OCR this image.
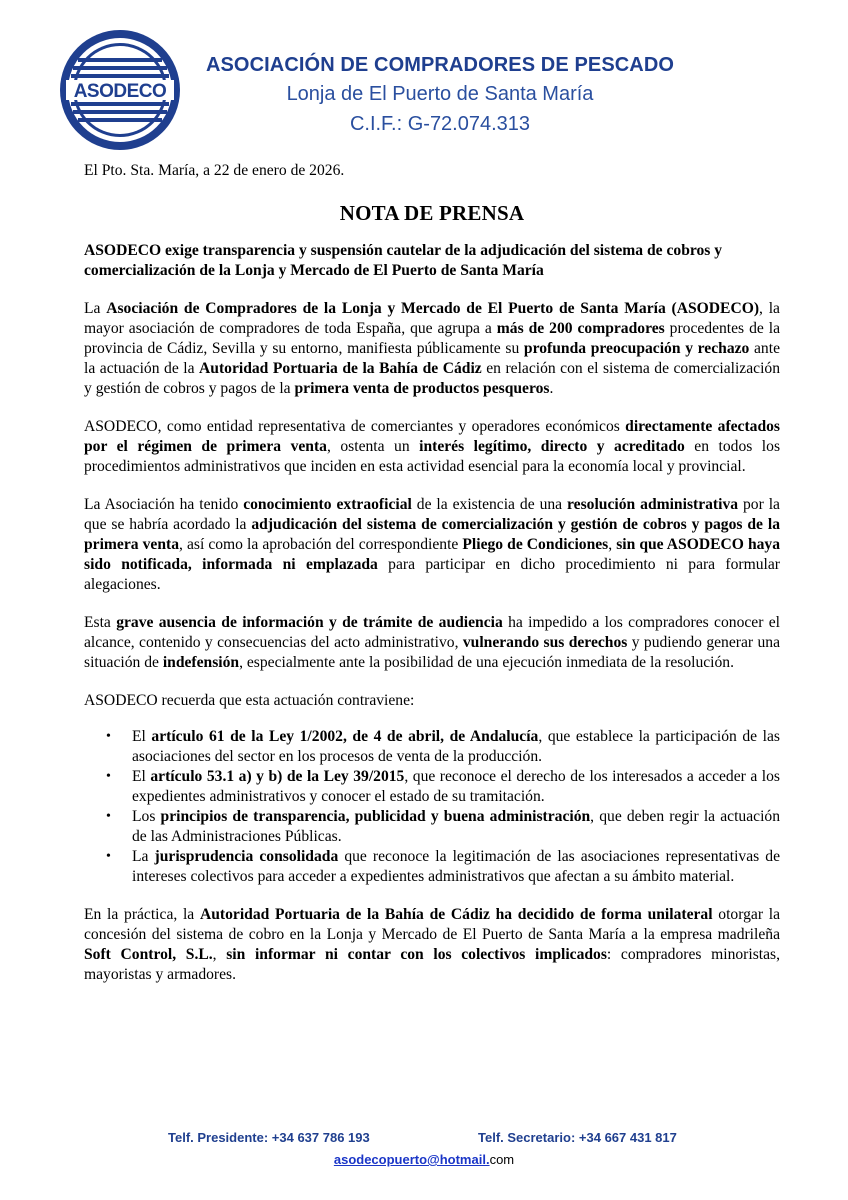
ASODECO
ASOCIACIÓN DE COMPRADORES DE PESCADO
Lonja de El Puerto de Santa María
C.I.F.: G-72.074.313

El Pto. Sta. María, a 22 de enero de 2026.

NOTA DE PRENSA

ASODECO exige transparencia y suspensión cautelar de la adjudicación del sistema de cobros y comercialización de la Lonja y Mercado de El Puerto de Santa María

La Asociación de Compradores de la Lonja y Mercado de El Puerto de Santa María (ASODECO), la mayor asociación de compradores de toda España, que agrupa a más de 200 compradores procedentes de la provincia de Cádiz, Sevilla y su entorno, manifiesta públicamente su profunda preocupación y rechazo ante la actuación de la Autoridad Portuaria de la Bahía de Cádiz en relación con el sistema de comercialización y gestión de cobros y pagos de la primera venta de productos pesqueros.

ASODECO, como entidad representativa de comerciantes y operadores económicos directamente afectados por el régimen de primera venta, ostenta un interés legítimo, directo y acreditado en todos los procedimientos administrativos que inciden en esta actividad esencial para la economía local y provincial.

La Asociación ha tenido conocimiento extraoficial de la existencia de una resolución administrativa por la que se habría acordado la adjudicación del sistema de comercialización y gestión de cobros y pagos de la primera venta, así como la aprobación del correspondiente Pliego de Condiciones, sin que ASODECO haya sido notificada, informada ni emplazada para participar en dicho procedimiento ni para formular alegaciones.

Esta grave ausencia de información y de trámite de audiencia ha impedido a los compradores conocer el alcance, contenido y consecuencias del acto administrativo, vulnerando sus derechos y pudiendo generar una situación de indefensión, especialmente ante la posibilidad de una ejecución inmediata de la resolución.

ASODECO recuerda que esta actuación contraviene:

• El artículo 61 de la Ley 1/2002, de 4 de abril, de Andalucía, que establece la participación de las asociaciones del sector en los procesos de venta de la producción.
• El artículo 53.1 a) y b) de la Ley 39/2015, que reconoce el derecho de los interesados a acceder a los expedientes administrativos y conocer el estado de su tramitación.
• Los principios de transparencia, publicidad y buena administración, que deben regir la actuación de las Administraciones Públicas.
• La jurisprudencia consolidada que reconoce la legitimación de las asociaciones representativas de intereses colectivos para acceder a expedientes administrativos que afectan a su ámbito material.

En la práctica, la Autoridad Portuaria de la Bahía de Cádiz ha decidido de forma unilateral otorgar la concesión del sistema de cobro en la Lonja y Mercado de El Puerto de Santa María a la empresa madrileña Soft Control, S.L., sin informar ni contar con los colectivos implicados: compradores minoristas, mayoristas y armadores.

Telf. Presidente: +34 637 786 193	Telf. Secretario: +34 667 431 817
asodecopuerto@hotmail.com
